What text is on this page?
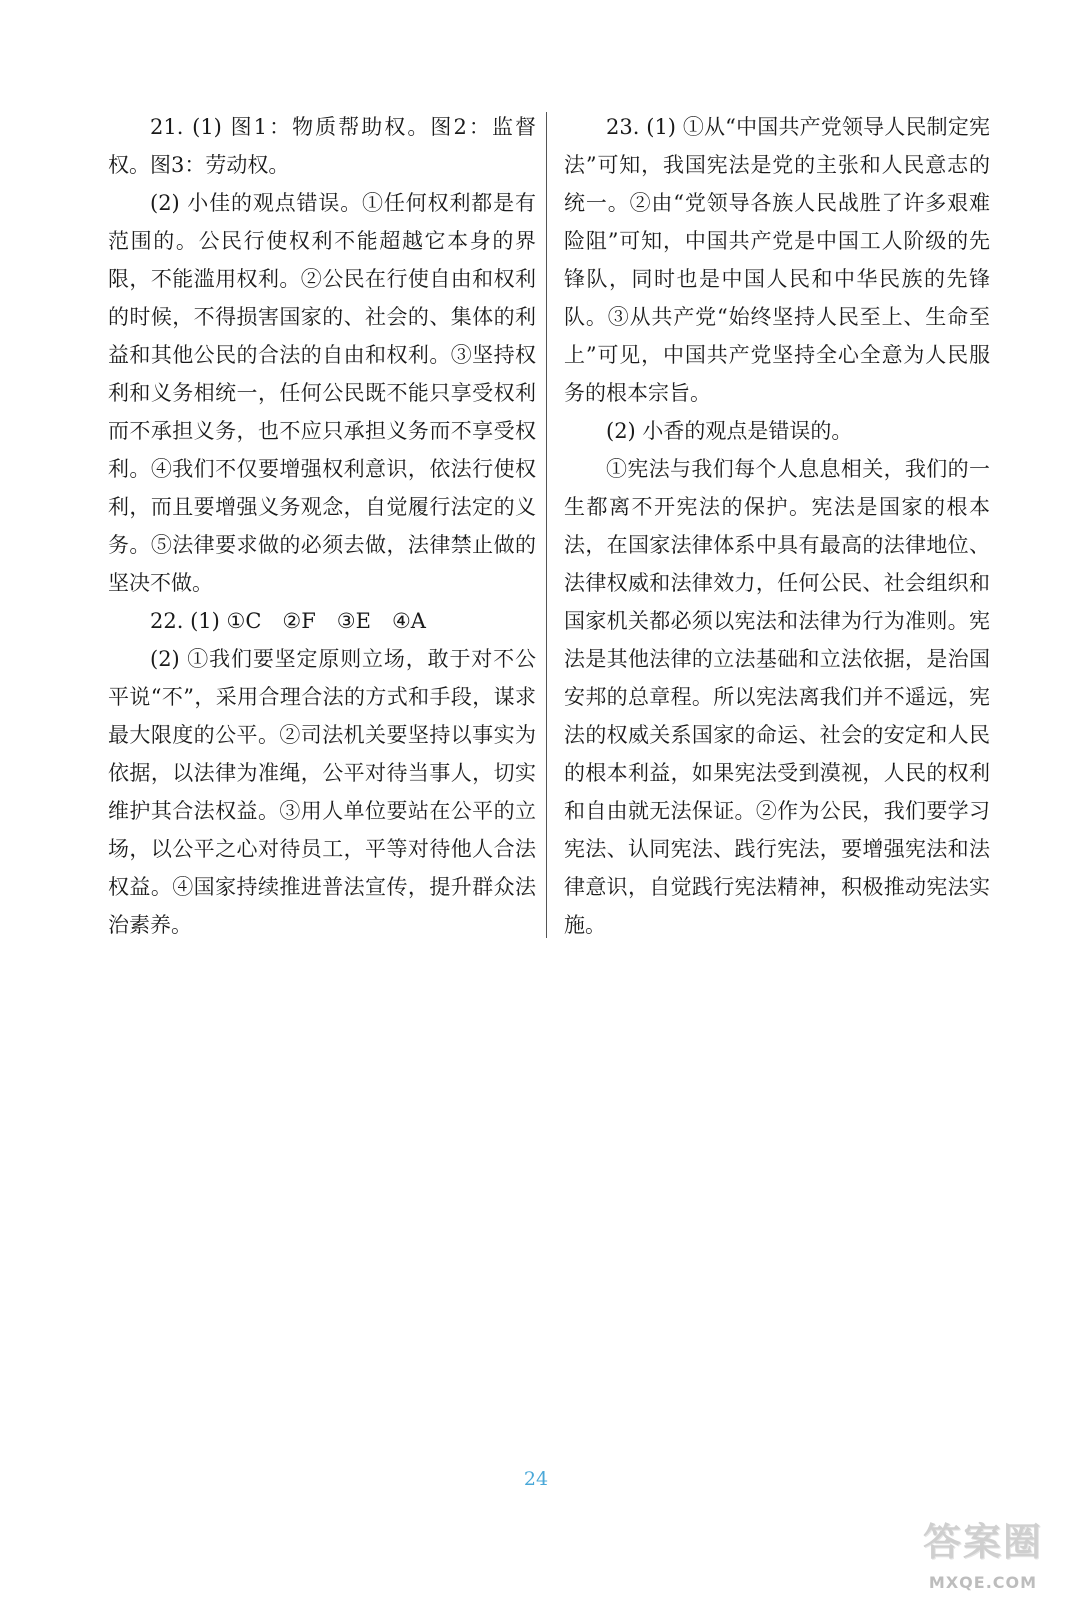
21. (1) 图1：物质帮助权。图2：监督权。图3：劳动权。

(2) 小佳的观点错误。①任何权利都是有范围的。公民行使权利不能超越它本身的界限，不能滥用权利。②公民在行使自由和权利的时候，不得损害国家的、社会的、集体的利益和其他公民的合法的自由和权利。③坚持权利和义务相统一，任何公民既不能只享受权利而不承担义务，也不应只承担义务而不享受权利。④我们不仅要增强权利意识，依法行使权利，而且要增强义务观念，自觉履行法定的义务。⑤法律要求做的必须去做，法律禁止做的坚决不做。

22. (1) ①C　②F　③E　④A

(2) ①我们要坚定原则立场，敢于对不公平说“不”，采用合理合法的方式和手段，谋求最大限度的公平。②司法机关要坚持以事实为依据，以法律为准绳，公平对待当事人，切实维护其合法权益。③用人单位要站在公平的立场，以公平之心对待员工，平等对待他人合法权益。④国家持续推进普法宣传，提升群众法治素养。

23. (1) ①从“中国共产党领导人民制定宪法”可知，我国宪法是党的主张和人民意志的统一。②由“党领导各族人民战胜了许多艰难险阻”可知，中国共产党是中国工人阶级的先锋队，同时也是中国人民和中华民族的先锋队。③从共产党“始终坚持人民至上、生命至上”可见，中国共产党坚持全心全意为人民服务的根本宗旨。

(2) 小香的观点是错误的。

①宪法与我们每个人息息相关，我们的一生都离不开宪法的保护。宪法是国家的根本法，在国家法律体系中具有最高的法律地位、法律权威和法律效力，任何公民、社会组织和国家机关都必须以宪法和法律为行为准则。宪法是其他法律的立法基础和立法依据，是治国安邦的总章程。所以宪法离我们并不遥远，宪法的权威关系国家的命运、社会的安定和人民的根本利益，如果宪法受到漠视，人民的权利和自由就无法保证。②作为公民，我们要学习宪法、认同宪法、践行宪法，要增强宪法和法律意识，自觉践行宪法精神，积极推动宪法实施。

24
答案圈
MXQE.COM
